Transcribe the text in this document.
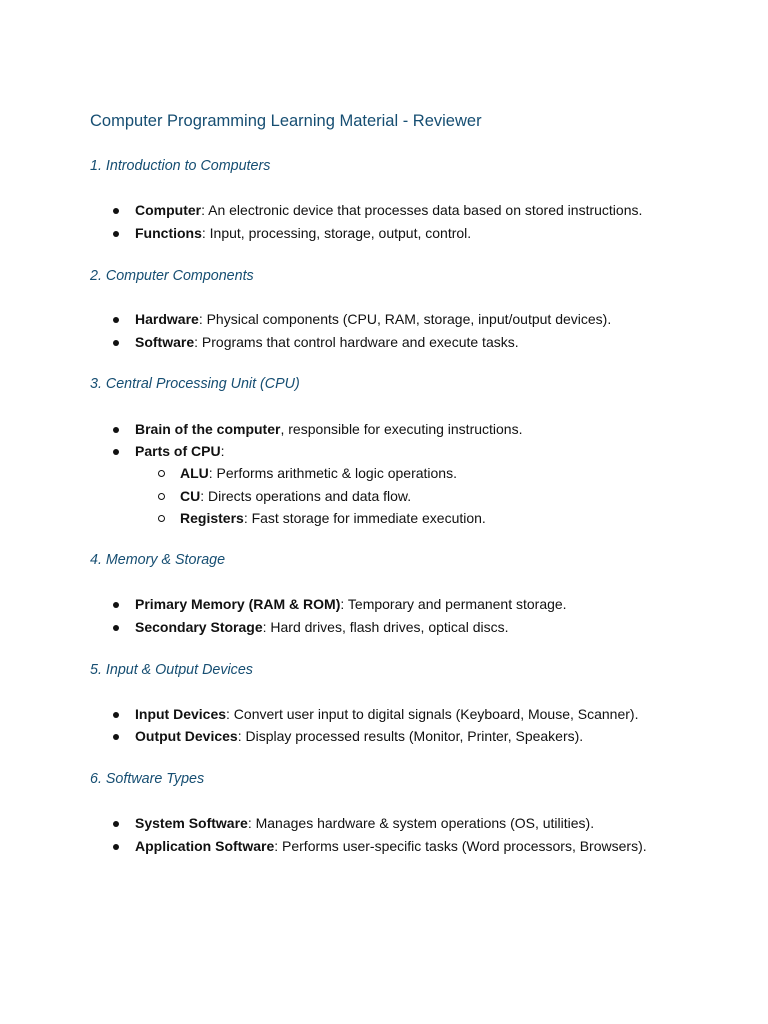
Computer Programming Learning Material - Reviewer
1. Introduction to Computers
Computer: An electronic device that processes data based on stored instructions.
Functions: Input, processing, storage, output, control.
2. Computer Components
Hardware: Physical components (CPU, RAM, storage, input/output devices).
Software: Programs that control hardware and execute tasks.
3. Central Processing Unit (CPU)
Brain of the computer, responsible for executing instructions.
Parts of CPU:
ALU: Performs arithmetic & logic operations.
CU: Directs operations and data flow.
Registers: Fast storage for immediate execution.
4. Memory & Storage
Primary Memory (RAM & ROM): Temporary and permanent storage.
Secondary Storage: Hard drives, flash drives, optical discs.
5. Input & Output Devices
Input Devices: Convert user input to digital signals (Keyboard, Mouse, Scanner).
Output Devices: Display processed results (Monitor, Printer, Speakers).
6. Software Types
System Software: Manages hardware & system operations (OS, utilities).
Application Software: Performs user-specific tasks (Word processors, Browsers).
